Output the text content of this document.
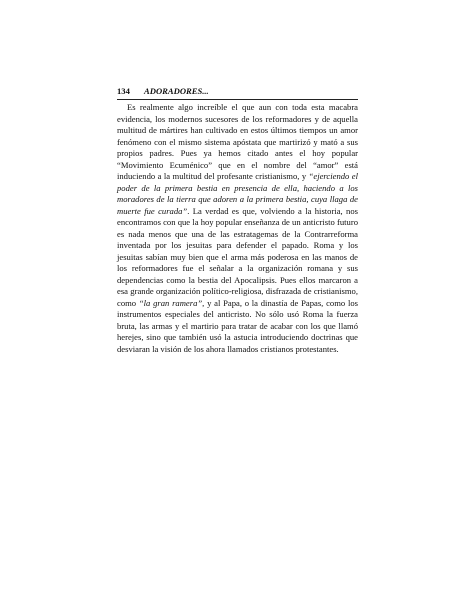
134 ADORADORES...

Es realmente algo increíble el que aun con toda esta macabra evidencia, los modernos sucesores de los reformadores y de aquella multitud de mártires han cultivado en estos últimos tiempos un amor fenómeno con el mismo sistema apóstata que martirizó y mató a sus propios padres. Pues ya hemos citado antes el hoy popular “Movimiento Ecuménico” que en el nombre del “amor” está induciendo a la multitud del profesante cristianismo, y “ejerciendo el poder de la primera bestia en presencia de ella, haciendo a los moradores de la tierra que adoren a la primera bestia, cuya llaga de muerte fue curada”. La verdad es que, volviendo a la historia, nos encontramos con que la hoy popular enseñanza de un anticristo futuro es nada menos que una de las estratagemas de la Contrarreforma inventada por los jesuitas para defender el papado. Roma y los jesuitas sabían muy bien que el arma más poderosa en las manos de los reformadores fue el señalar a la organización romana y sus dependencias como la bestia del Apocalipsis. Pues ellos marcaron a esa grande organización político-religiosa, disfrazada de cristianismo, como “la gran ramera”, y al Papa, o la dinastía de Papas, como los instrumentos especiales del anticristo. No sólo usó Roma la fuerza bruta, las armas y el martirio para tratar de acabar con los que llamó herejes, sino que también usó la astucia introduciendo doctrinas que desviaran la visión de los ahora llamados cristianos protestantes.
